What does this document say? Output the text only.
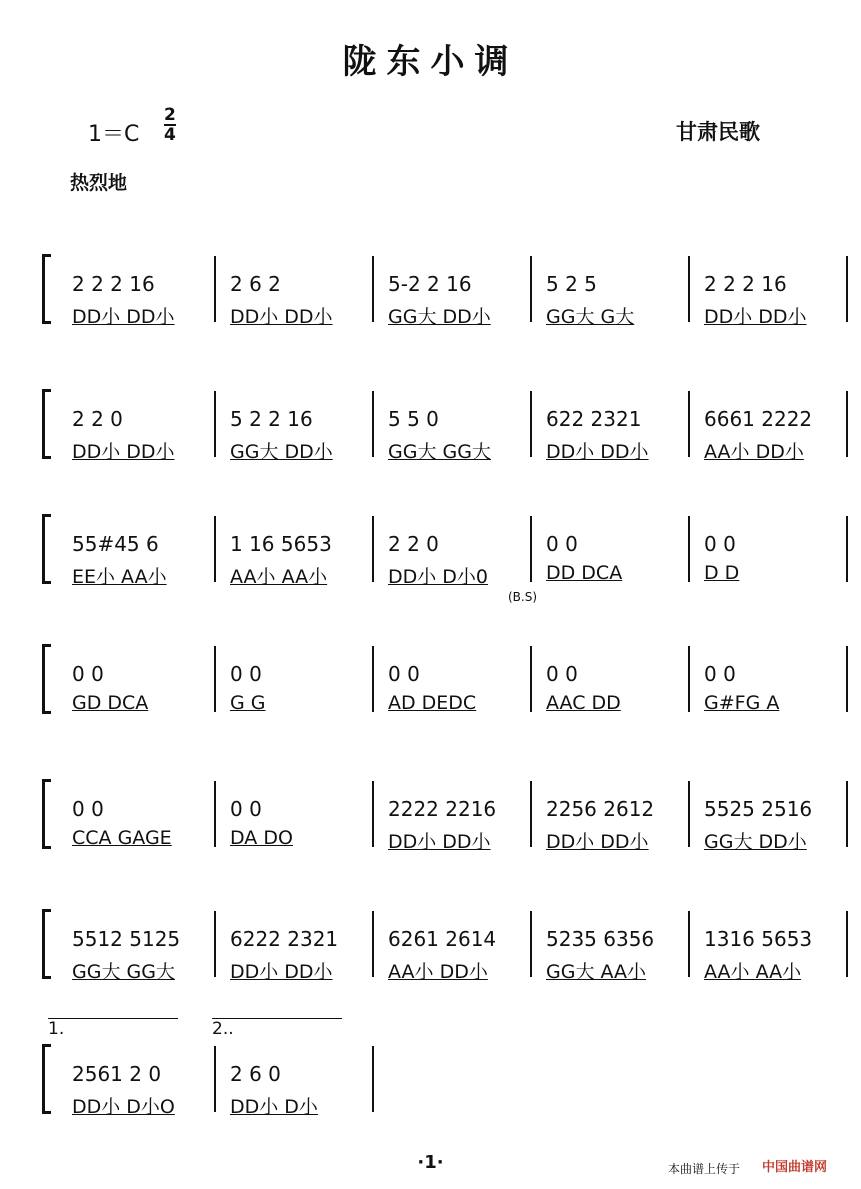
陇东小调
1＝C
2
4	甘肃民歌
热烈地
2 2 2 16
DD小 DD小
2 6 2
DD小 DD小
5-2 2 16
GG大 DD小
5 2 5
GG大 G大
2 2 2 16
DD小 DD小
2 2 0
DD小 DD小
5 2 2 16
GG大 DD小
5 5 0
GG大 GG大
622 2321
DD小 DD小
6661 2222
AA小 DD小
55#45 6
EE小 AA小
1 16 5653
AA小 AA小
2 2 0
DD小 D小0
0 0
DD DCA
0 0
D D
0 0
GD DCA
0 0
G G
0 0
AD DEDC
0 0
AAC DD
0 0
G#FG A
0 0
CCA GAGE
0 0
DA DO
2222 2216
DD小 DD小
2256 2612
DD小 DD小
5525 2516
GG大 DD小
5512 5125
GG大 GG大
6222 2321
DD小 DD小
6261 2614
AA小 DD小
5235 6356
GG大 AA小
1316 5653
AA小 AA小
2561 2 0
DD小 D小O
2 6 0
DD小 D小
·1·	本曲谱上传于 中国曲谱网
1.	2..
(B.S)
